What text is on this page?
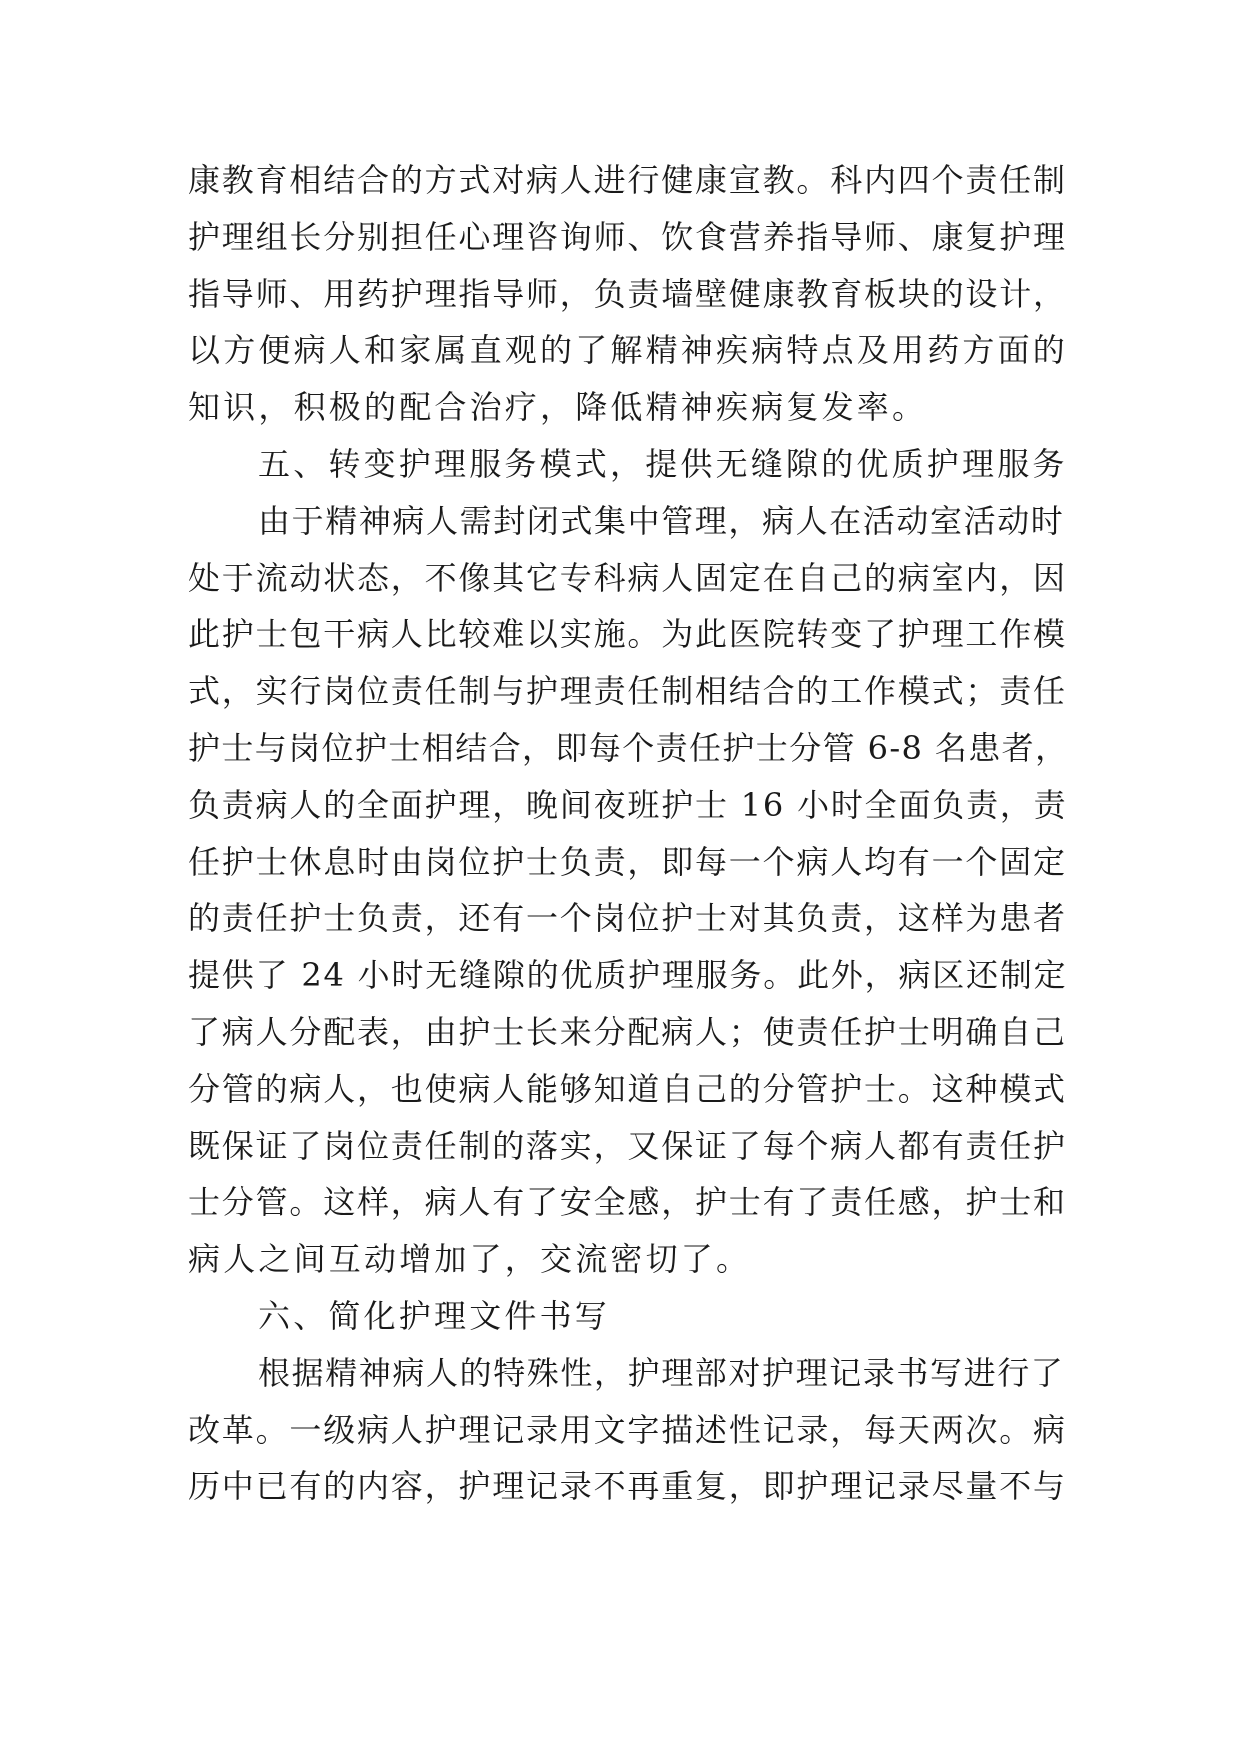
康教育相结合的方式对病人进行健康宣教。科内四个责任制
护理组长分别担任心理咨询师、饮食营养指导师、康复护理
指导师、用药护理指导师，负责墙壁健康教育板块的设计，
以方便病人和家属直观的了解精神疾病特点及用药方面的
知识，积极的配合治疗，降低精神疾病复发率。
五、转变护理服务模式，提供无缝隙的优质护理服务
由于精神病人需封闭式集中管理，病人在活动室活动时
处于流动状态，不像其它专科病人固定在自己的病室内，因
此护士包干病人比较难以实施。为此医院转变了护理工作模
式，实行岗位责任制与护理责任制相结合的工作模式；责任
护士与岗位护士相结合，即每个责任护士分管 6-8 名患者，
负责病人的全面护理，晚间夜班护士 16 小时全面负责，责
任护士休息时由岗位护士负责，即每一个病人均有一个固定
的责任护士负责，还有一个岗位护士对其负责，这样为患者
提供了 24 小时无缝隙的优质护理服务。此外，病区还制定
了病人分配表，由护士长来分配病人；使责任护士明确自己
分管的病人，也使病人能够知道自己的分管护士。这种模式
既保证了岗位责任制的落实，又保证了每个病人都有责任护
士分管。这样，病人有了安全感，护士有了责任感，护士和
病人之间互动增加了，交流密切了。
六、简化护理文件书写
根据精神病人的特殊性，护理部对护理记录书写进行了
改革。一级病人护理记录用文字描述性记录，每天两次。病
历中已有的内容，护理记录不再重复，即护理记录尽量不与
